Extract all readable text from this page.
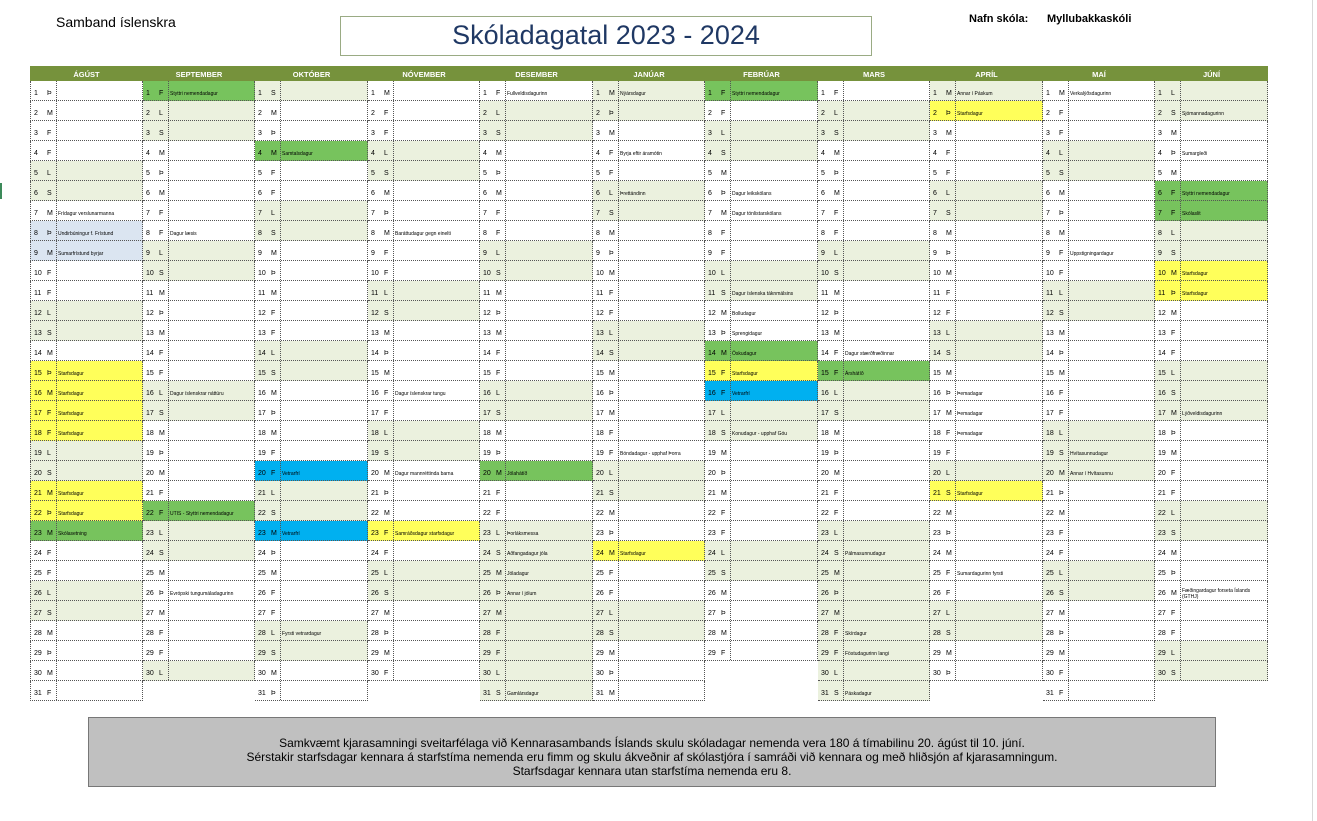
Samband íslenskra	Skóladagatal 2023 - 2024
Nafn skóla: Myllubakkaskóli
ÁGÚST
1 Þ
2 M
3 F
4 F
5 L
6 S
7 M	Frídagur verslunarmanna
8 Þ	Undirbúningur f. Frístund
9 M	Sumarfrístund byrjar
10 F
11 F
12 L
13 S
14 M
15 Þ	Starfsdagur
16 M	Starfsdagur
17 F	Starfsdagur
18 F	Starfsdagur
19 L
20 S
21 M	Starfsdagur
22 Þ	Starfsdagur
23 M	Skólasetning
24 F
25 F
26 L
27 S
28 M
29 Þ
30 M
31 F
SEPTEMBER
1 F	Styttri nemendadagur
2 L
3 S
4 M
5 Þ
6 M
7 F
8 F	Dagur læsis
9 L
10 S
11 M
12 Þ
13 M
14 F
15 F
16 L	Dagur íslenskrar náttúru
17 S
18 M
19 Þ
20 M
21 F
22 F	UTIS - Styttri nemendadagur
23 L
24 S
25 M
26 Þ	Evrópski tungumáladagurinn
27 M
28 F
29 F
30 L
OKTÓBER
1 S
2 M
3 Þ
4 M	Samtalsdagur
5 F
6 F
7 L
8 S
9 M
10 Þ
11 M
12 F
13 F
14 L
15 S
16 M
17 Þ
18 M
19 F
20 F	Vetrarfrí
21 L
22 S
23 M	Vetrarfrí
24 Þ
25 M
26 F
27 F
28 L	Fyrsti vetrardagur
29 S
30 M
31 Þ
NÓVEMBER
1 M
2 F
3 F
4 L
5 S
6 M
7 Þ
8 M	Baráttudagur gegn einelti
9 F
10 F
11 L
12 S
13 M
14 Þ
15 M
16 F	Dagur íslenskrar tungu
17 F
18 L
19 S
20 M	Dagur mannréttinda barna
21 Þ
22 M
23 F	Samráðsdagur starfsdagur
24 F
25 L
26 S
27 M
28 Þ
29 M
30 F
DESEMBER
1 F	Fullveldisdagurinn
2 L
3 S
4 M
5 Þ
6 M
7 F
8 F
9 L
10 S
11 M
12 Þ
13 M
14 F
15 F
16 L
17 S
18 M
19 Þ
20 M	Jólahátíð
21 F
22 F
23 L	Þorláksmessa
24 S	Aðfangadagur jóla
25 M	Jóladagur
26 Þ	Annar í jólum
27 M
28 F
29 F
30 L
31 S	Gamlársdagur
JANÚAR
1 M	Nýársdagur
2 Þ
3 M
4 F	Byrja eftir áramótin
5 F
6 L	Þrettándinn
7 S
8 M
9 Þ
10 M
11 F
12 F
13 L
14 S
15 M
16 Þ
17 M
18 F
19 F	Bóndadagur - upphaf Þorra
20 L
21 S
22 M
23 Þ
24 M	Starfsdagur
25 F
26 F
27 L
28 S
29 M
30 Þ
31 M
FEBRÚAR
1 F	Styttri nemendadagur
2 F
3 L
4 S
5 M
6 Þ	Dagur leikskólans
7 M	Dagur tónlistarskólans
8 F
9 F
10 L
11 S	Dagur íslenska táknmálsins
12 M	Bolludagur
13 Þ	Sprengidagur
14 M	Öskudagur
15 F	Starfsdagur
16 F	Vetrarfrí
17 L
18 S	Konudagur - upphaf Góu
19 M
20 Þ
21 M
22 F
23 F
24 L
25 S
26 M
27 Þ
28 M
29 F
MARS
1 F
2 L
3 S
4 M
5 Þ
6 M
7 F
8 F
9 L
10 S
11 M
12 Þ
13 M
14 F	Dagur stærðfræðinnar
15 F	Árshátíð
16 L
17 S
18 M
19 Þ
20 M
21 F
22 F
23 L
24 S	Pálmasunnudagur
25 M
26 Þ
27 M
28 F	Skírdagur
29 F	Föstudagurinn langi
30 L
31 S	Páskadagur
APRÍL
1 M	Annar í Páskum
2 Þ	Starfsdagur
3 M
4 F
5 F
6 L
7 S
8 M
9 Þ
10 M
11 F
12 F
13 L
14 S
15 M
16 Þ	Þemadagar
17 M	Þemadagar
18 F	Þemadagar
19 F
20 L
21 S	Starfsdagur
22 M
23 Þ
24 M
25 F	Sumardagurinn fyrsti
26 F
27 L
28 S
29 M
30 Þ
MAÍ
1 M	Verkalýðsdagurinn
2 F
3 F
4 L
5 S
6 M
7 Þ
8 M
9 F	Uppstigningardagur
10 F
11 L
12 S
13 M
14 Þ
15 M
16 F
17 F
18 L
19 S	Hvítasunnudagur
20 M	Annar í Hvítasunnu
21 Þ
22 M
23 F
24 F
25 L
26 S
27 M
28 Þ
29 M
30 F
31 F
JÚNÍ
1 L
2 S	Sjómannadagurinn
3 M
4 Þ	Sumargleði
5 M
6 F	Styttri nemendadagur
7 F	Skólaslit
8 L
9 S
10 M	Starfsdagur
11 Þ	Starfsdagur
12 M
13 F
14 F
15 L
16 S
17 M	Lýðveldisdagurinn
18 Þ
19 M
20 F
21 F
22 L
23 S
24 M
25 Þ
26 M	Fæðingardagur forseta Íslands (GTHJ)
27 F
28 F
29 L
30 S
Samkvæmt kjarasamningi sveitarfélaga við Kennarasambands Íslands skulu skóladagar nemenda vera 180 á tímabilinu 20. ágúst til 10. júní.
Sérstakir starfsdagar kennara á starfstíma nemenda eru fimm og skulu ákveðnir af skólastjóra í samráði við kennara og með hliðsjón af kjarasamningum.
Starfsdagar kennara utan starfstíma nemenda eru 8.
